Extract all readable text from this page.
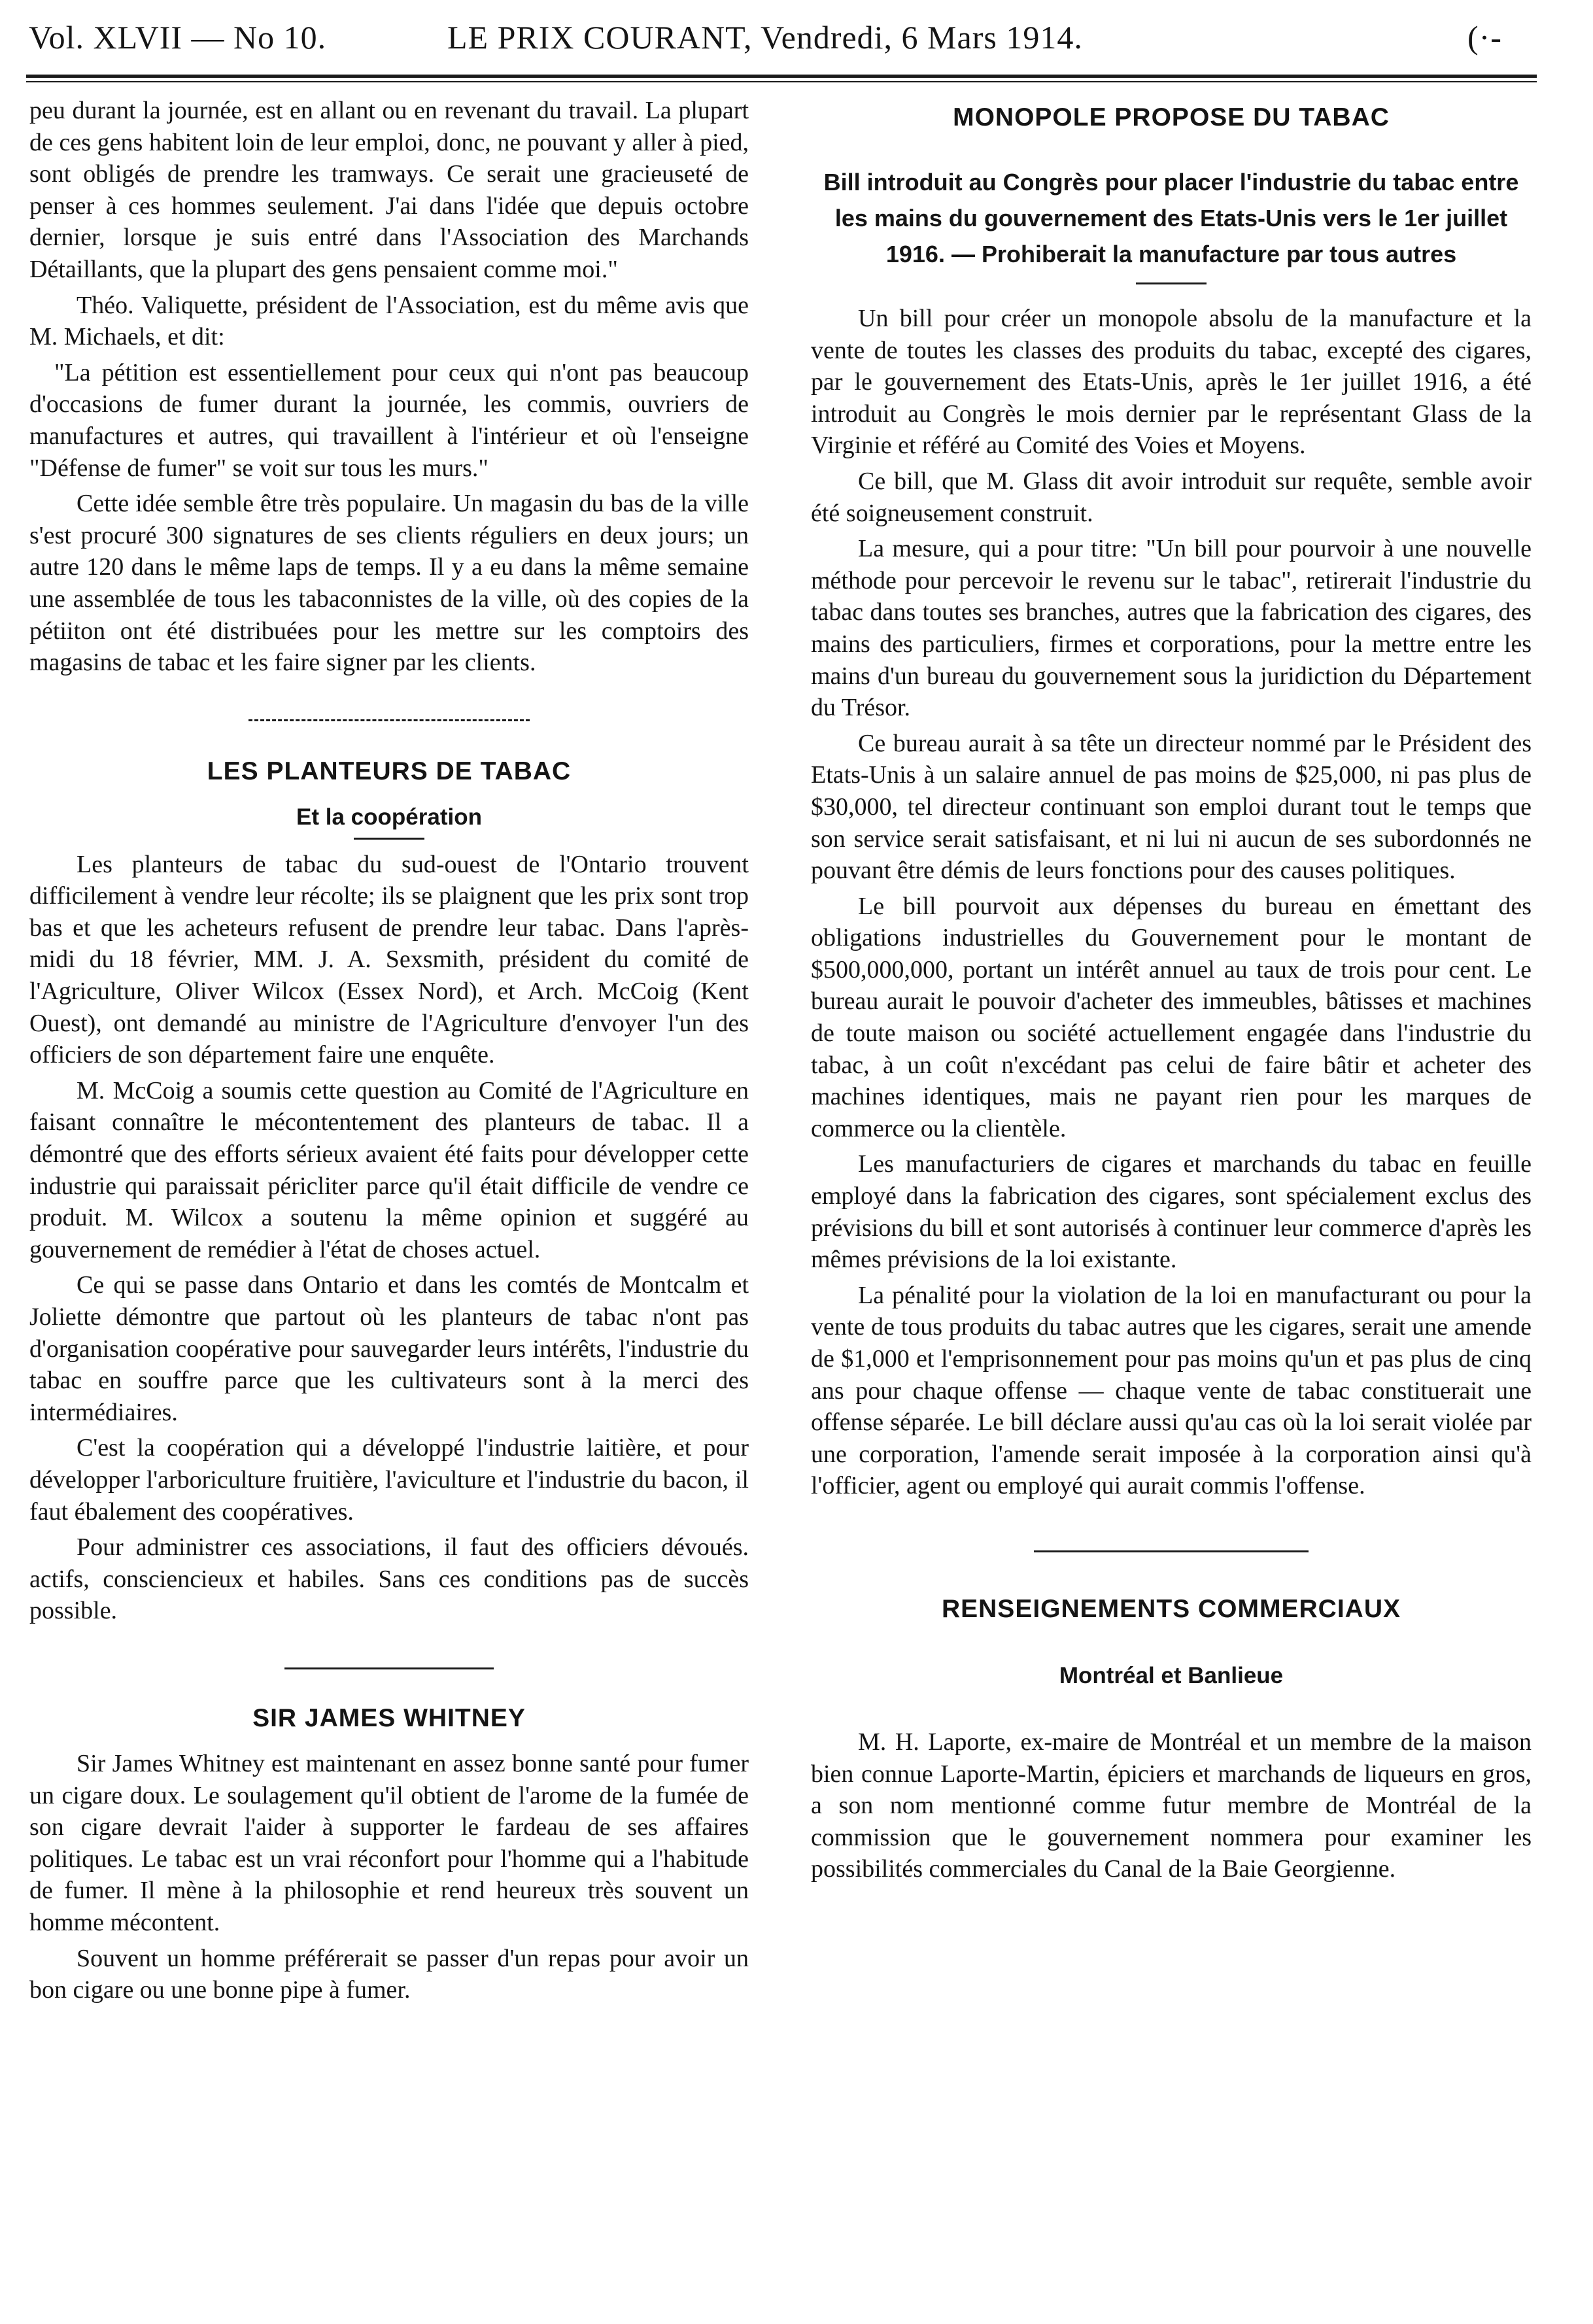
Vol. XLVII — No 10.	LE PRIX COURANT, Vendredi, 6 Mars 1914.	(·-

peu durant la journée, est en allant ou en revenant du travail. La plupart de ces gens habitent loin de leur emploi, donc, ne pouvant y aller à pied, sont obligés de prendre les tramways. Ce serait une gracieuseté de penser à ces hommes seulement. J'ai dans l'idée que depuis octobre dernier, lorsque je suis entré dans l'Association des Marchands Détaillants, que la plupart des gens pensaient comme moi."

Théo. Valiquette, président de l'Association, est du même avis que M. Michaels, et dit:

"La pétition est essentiellement pour ceux qui n'ont pas beaucoup d'occasions de fumer durant la journée, les commis, ouvriers de manufactures et autres, qui travaillent à l'intérieur et où l'enseigne "Défense de fumer" se voit sur tous les murs."

Cette idée semble être très populaire. Un magasin du bas de la ville s'est procuré 300 signatures de ses clients réguliers en deux jours; un autre 120 dans le même laps de temps. Il y a eu dans la même semaine une assemblée de tous les tabaconnistes de la ville, où des copies de la pétiiton ont été distribuées pour les mettre sur les comptoirs des magasins de tabac et les faire signer par les clients.

LES PLANTEURS DE TABAC
Et la coopération

Les planteurs de tabac du sud-ouest de l'Ontario trouvent difficilement à vendre leur récolte; ils se plaignent que les prix sont trop bas et que les acheteurs refusent de prendre leur tabac. Dans l'après-midi du 18 février, MM. J. A. Sexsmith, président du comité de l'Agriculture, Oliver Wilcox (Essex Nord), et Arch. McCoig (Kent Ouest), ont demandé au ministre de l'Agriculture d'envoyer l'un des officiers de son département faire une enquête.

M. McCoig a soumis cette question au Comité de l'Agriculture en faisant connaître le mécontentement des planteurs de tabac. Il a démontré que des efforts sérieux avaient été faits pour développer cette industrie qui paraissait péricliter parce qu'il était difficile de vendre ce produit. M. Wilcox a soutenu la même opinion et suggéré au gouvernement de remédier à l'état de choses actuel.

Ce qui se passe dans Ontario et dans les comtés de Montcalm et Joliette démontre que partout où les planteurs de tabac n'ont pas d'organisation coopérative pour sauvegarder leurs intérêts, l'industrie du tabac en souffre parce que les cultivateurs sont à la merci des intermédiaires.

C'est la coopération qui a développé l'industrie laitière, et pour développer l'arboriculture fruitière, l'aviculture et l'industrie du bacon, il faut ébalement des coopératives.

Pour administrer ces associations, il faut des officiers dévoués. actifs, consciencieux et habiles. Sans ces conditions pas de succès possible.

SIR JAMES WHITNEY

Sir James Whitney est maintenant en assez bonne santé pour fumer un cigare doux. Le soulagement qu'il obtient de l'arome de la fumée de son cigare devrait l'aider à supporter le fardeau de ses affaires politiques. Le tabac est un vrai réconfort pour l'homme qui a l'habitude de fumer. Il mène à la philosophie et rend heureux très souvent un homme mécontent.

Souvent un homme préférerait se passer d'un repas pour avoir un bon cigare ou une bonne pipe à fumer.

MONOPOLE PROPOSE DU TABAC
Bill introduit au Congrès pour placer l'industrie du tabac entre les mains du gouvernement des Etats-Unis vers le 1er juillet 1916. — Prohiberait la manufacture par tous autres

Un bill pour créer un monopole absolu de la manufacture et la vente de toutes les classes des produits du tabac, excepté des cigares, par le gouvernement des Etats-Unis, après le 1er juillet 1916, a été introduit au Congrès le mois dernier par le représentant Glass de la Virginie et référé au Comité des Voies et Moyens.

Ce bill, que M. Glass dit avoir introduit sur requête, semble avoir été soigneusement construit.

La mesure, qui a pour titre: "Un bill pour pourvoir à une nouvelle méthode pour percevoir le revenu sur le tabac", retirerait l'industrie du tabac dans toutes ses branches, autres que la fabrication des cigares, des mains des particuliers, firmes et corporations, pour la mettre entre les mains d'un bureau du gouvernement sous la juridiction du Département du Trésor.

Ce bureau aurait à sa tête un directeur nommé par le Président des Etats-Unis à un salaire annuel de pas moins de $25,000, ni pas plus de $30,000, tel directeur continuant son emploi durant tout le temps que son service serait satisfaisant, et ni lui ni aucun de ses subordonnés ne pouvant être démis de leurs fonctions pour des causes politiques.

Le bill pourvoit aux dépenses du bureau en émettant des obligations industrielles du Gouvernement pour le montant de $500,000,000, portant un intérêt annuel au taux de trois pour cent. Le bureau aurait le pouvoir d'acheter des immeubles, bâtisses et machines de toute maison ou société actuellement engagée dans l'industrie du tabac, à un coût n'excédant pas celui de faire bâtir et acheter des machines identiques, mais ne payant rien pour les marques de commerce ou la clientèle.

Les manufacturiers de cigares et marchands du tabac en feuille employé dans la fabrication des cigares, sont spécialement exclus des prévisions du bill et sont autorisés à continuer leur commerce d'après les mêmes prévisions de la loi existante.

La pénalité pour la violation de la loi en manufacturant ou pour la vente de tous produits du tabac autres que les cigares, serait une amende de $1,000 et l'emprisonnement pour pas moins qu'un et pas plus de cinq ans pour chaque offense — chaque vente de tabac constituerait une offense séparée. Le bill déclare aussi qu'au cas où la loi serait violée par une corporation, l'amende serait imposée à la corporation ainsi qu'à l'officier, agent ou employé qui aurait commis l'offense.

RENSEIGNEMENTS COMMERCIAUX
Montréal et Banlieue

M. H. Laporte, ex-maire de Montréal et un membre de la maison bien connue Laporte-Martin, épiciers et marchands de liqueurs en gros, a son nom mentionné comme futur membre de Montréal de la commission que le gouvernement nommera pour examiner les possibilités commerciales du Canal de la Baie Georgienne.
